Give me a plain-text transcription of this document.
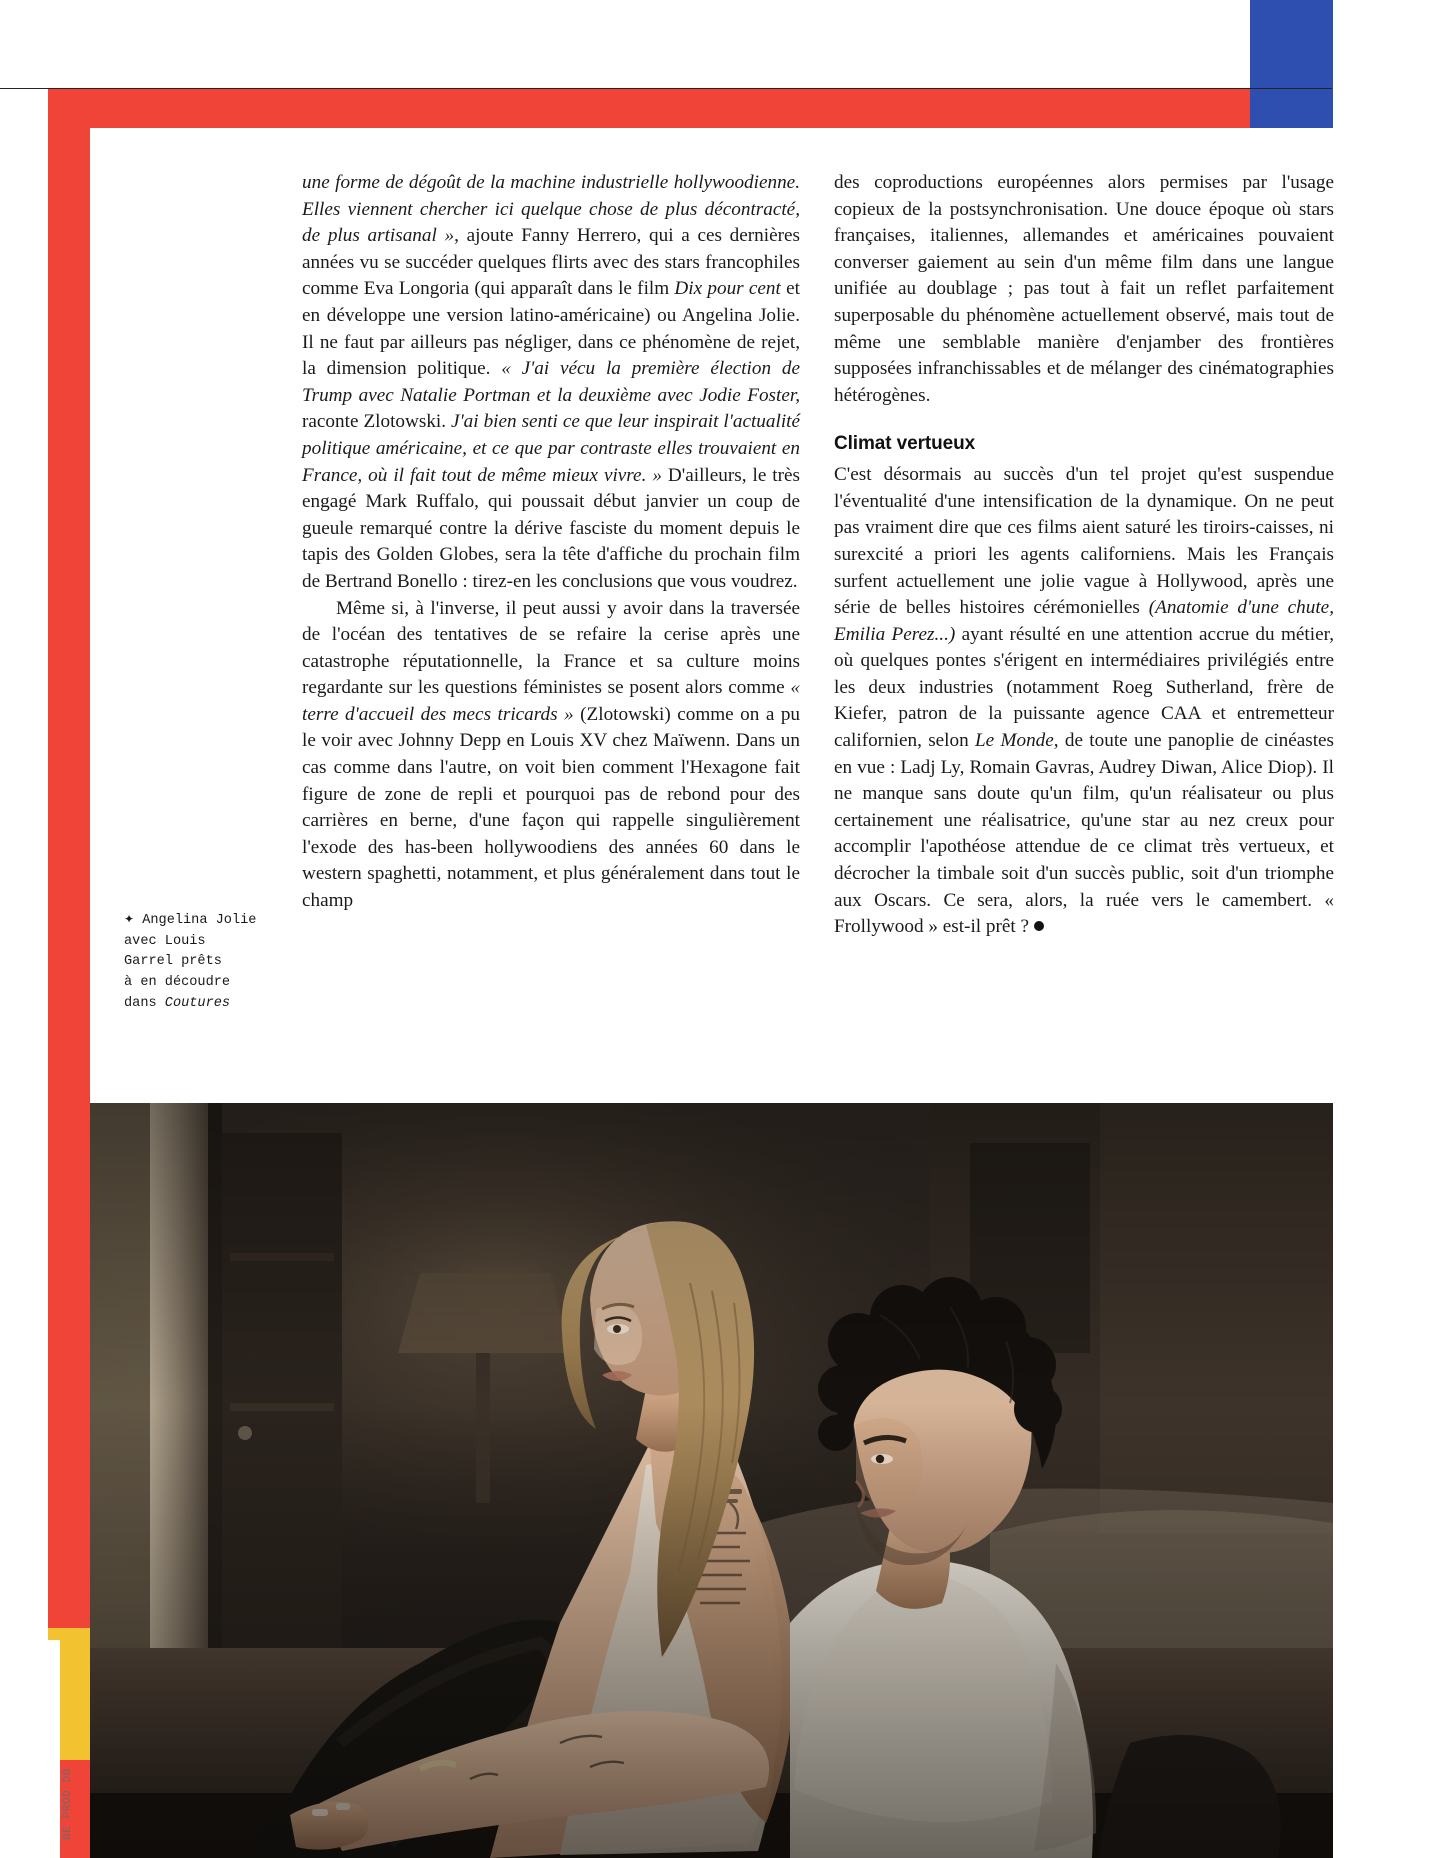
une forme de dégoût de la machine industrielle hollywoodienne. Elles viennent chercher ici quelque chose de plus décontracté, de plus artisanal », ajoute Fanny Herrero, qui a ces dernières années vu se succéder quelques flirts avec des stars francophiles comme Eva Longoria (qui apparaît dans le film Dix pour cent et en développe une version latino-américaine) ou Angelina Jolie. Il ne faut par ailleurs pas négliger, dans ce phénomène de rejet, la dimension politique. « J'ai vécu la première élection de Trump avec Natalie Portman et la deuxième avec Jodie Foster, raconte Zlotowski. J'ai bien senti ce que leur inspirait l'actualité politique américaine, et ce que par contraste elles trouvaient en France, où il fait tout de même mieux vivre. » D'ailleurs, le très engagé Mark Ruffalo, qui poussait début janvier un coup de gueule remarqué contre la dérive fasciste du moment depuis le tapis des Golden Globes, sera la tête d'affiche du prochain film de Bertrand Bonello : tirez-en les conclusions que vous voudrez.

Même si, à l'inverse, il peut aussi y avoir dans la traversée de l'océan des tentatives de se refaire la cerise après une catastrophe réputationnelle, la France et sa culture moins regardante sur les questions féministes se posent alors comme « terre d'accueil des mecs tricards » (Zlotowski) comme on a pu le voir avec Johnny Depp en Louis XV chez Maïwenn. Dans un cas comme dans l'autre, on voit bien comment l'Hexagone fait figure de zone de repli et pourquoi pas de rebond pour des carrières en berne, d'une façon qui rappelle singulièrement l'exode des has-been hollywoodiens des années 60 dans le western spaghetti, notamment, et plus généralement dans tout le champ

des coproductions européennes alors permises par l'usage copieux de la postsynchronisation. Une douce époque où stars françaises, italiennes, allemandes et américaines pouvaient converser gaiement au sein d'un même film dans une langue unifiée au doublage ; pas tout à fait un reflet parfaitement superposable du phénomène actuellement observé, mais tout de même une semblable manière d'enjamber des frontières supposées infranchissables et de mélanger des cinématographies hétérogènes.

Climat vertueux

C'est désormais au succès d'un tel projet qu'est suspendue l'éventualité d'une intensification de la dynamique. On ne peut pas vraiment dire que ces films aient saturé les tiroirs-caisses, ni surexcité a priori les agents californiens. Mais les Français surfent actuellement une jolie vague à Hollywood, après une série de belles histoires cérémonielles (Anatomie d'une chute, Emilia Perez...) ayant résulté en une attention accrue du métier, où quelques pontes s'érigent en intermédiaires privilégiés entre les deux industries (notamment Roeg Sutherland, frère de Kiefer, patron de la puissante agence CAA et entremetteur californien, selon Le Monde, de toute une panoplie de cinéastes en vue : Ladj Ly, Romain Gavras, Audrey Diwan, Alice Diop). Il ne manque sans doute qu'un film, qu'un réalisateur ou plus certainement une réalisatrice, qu'une star au nez creux pour accomplir l'apothéose attendue de ce climat très vertueux, et décrocher la timbale soit d'un succès public, soit d'un triomphe aux Oscars. Ce sera, alors, la ruée vers le camembert. « Frollywood » est-il prêt ?

✦ Angelina Jolie
avec Louis
Garrel prêts
à en découdre
dans Coutures
